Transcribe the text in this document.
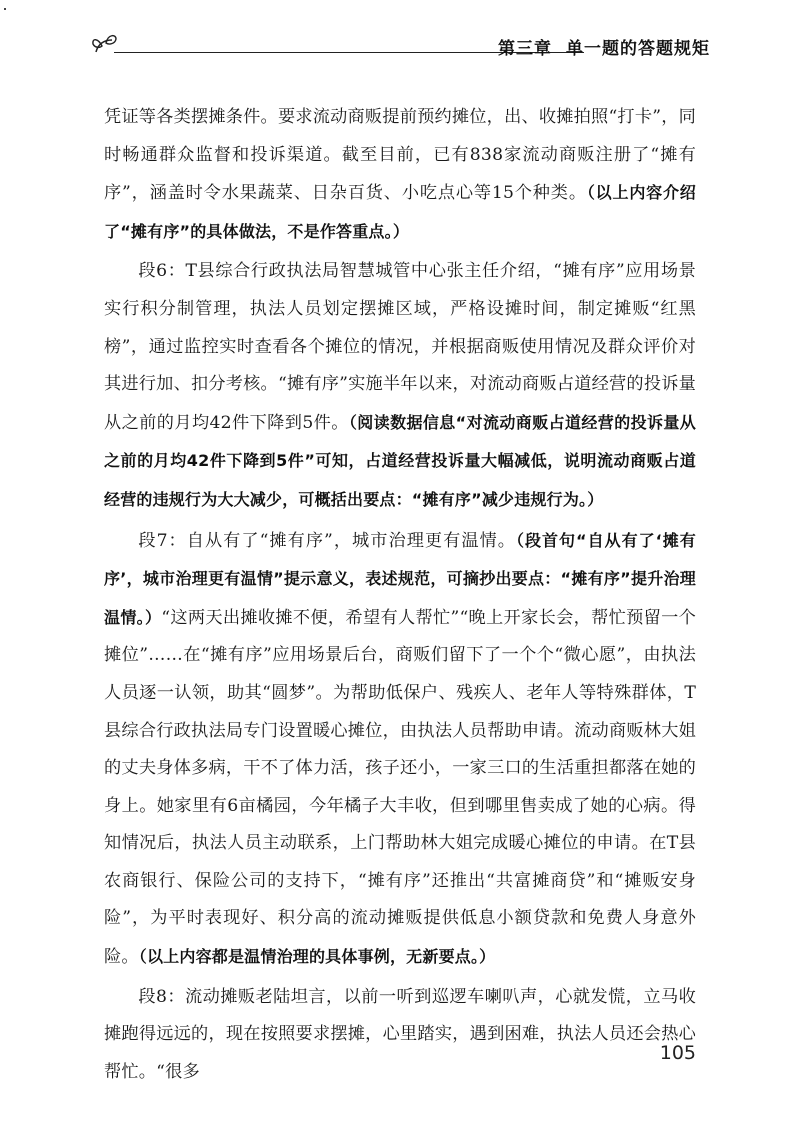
第三章 单一题的答题规矩

凭证等各类摆摊条件。要求流动商贩提前预约摊位，出、收摊拍照“打卡”，同时畅通群众监督和投诉渠道。截至目前，已有838家流动商贩注册了“摊有序”，涵盖时令水果蔬菜、日杂百货、小吃点心等15个种类。（以上内容介绍了“摊有序”的具体做法，不是作答重点。）

段6：T县综合行政执法局智慧城管中心张主任介绍，“摊有序”应用场景实行积分制管理，执法人员划定摆摊区域，严格设摊时间，制定摊贩“红黑榜”，通过监控实时查看各个摊位的情况，并根据商贩使用情况及群众评价对其进行加、扣分考核。“摊有序”实施半年以来，对流动商贩占道经营的投诉量从之前的月均42件下降到5件。（阅读数据信息“对流动商贩占道经营的投诉量从之前的月均42件下降到5件”可知，占道经营投诉量大幅减低，说明流动商贩占道经营的违规行为大大减少，可概括出要点：“摊有序”减少违规行为。）

段7：自从有了“摊有序”，城市治理更有温情。（段首句“自从有了‘摊有序’，城市治理更有温情”提示意义，表述规范，可摘抄出要点：“摊有序”提升治理温情。）“这两天出摊收摊不便，希望有人帮忙”“晚上开家长会，帮忙预留一个摊位”……在“摊有序”应用场景后台，商贩们留下了一个个“微心愿”，由执法人员逐一认领，助其“圆梦”。为帮助低保户、残疾人、老年人等特殊群体，T县综合行政执法局专门设置暖心摊位，由执法人员帮助申请。流动商贩林大姐的丈夫身体多病，干不了体力活，孩子还小，一家三口的生活重担都落在她的身上。她家里有6亩橘园，今年橘子大丰收，但到哪里售卖成了她的心病。得知情况后，执法人员主动联系，上门帮助林大姐完成暖心摊位的申请。在T县农商银行、保险公司的支持下，“摊有序”还推出“共富摊商贷”和“摊贩安身险”，为平时表现好、积分高的流动摊贩提供低息小额贷款和免费人身意外险。（以上内容都是温情治理的具体事例，无新要点。）

段8：流动摊贩老陆坦言，以前一听到巡逻车喇叭声，心就发慌，立马收摊跑得远远的，现在按照要求摆摊，心里踏实，遇到困难，执法人员还会热心帮忙。“很多

105
